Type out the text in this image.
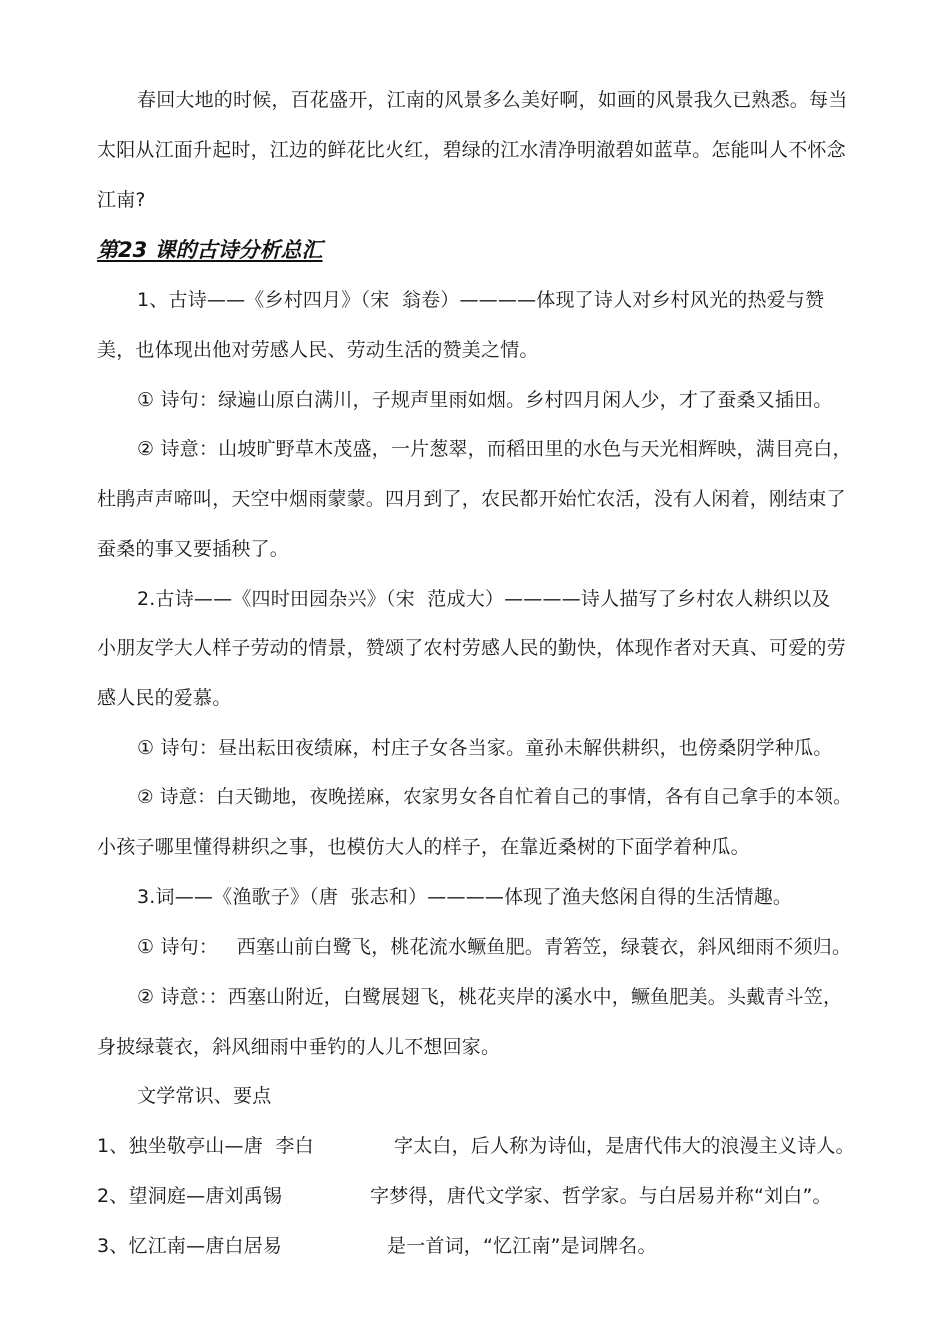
春回大地的时候，百花盛开，江南的风景多么美好啊，如画的风景我久已熟悉。每当
太阳从江面升起时，江边的鲜花比火红，碧绿的江水清净明澈碧如蓝草。怎能叫人不怀念
江南?
第23 课的古诗分析总汇
1、古诗——《乡村四月》（宋  翁卷）————体现了诗人对乡村风光的热爱与赞
美，也体现出他对劳感人民、劳动生活的赞美之情。
① 诗句：绿遍山原白满川，子规声里雨如烟。乡村四月闲人少，才了蚕桑又插田。
② 诗意：山坡旷野草木茂盛，一片葱翠，而稻田里的水色与天光相辉映，满目亮白，
杜鹃声声啼叫，天空中烟雨蒙蒙。四月到了，农民都开始忙农活，没有人闲着，刚结束了
蚕桑的事又要插秧了。
2.古诗——《四时田园杂兴》（宋  范成大）————诗人描写了乡村农人耕织以及
小朋友学大人样子劳动的情景，赞颂了农村劳感人民的勤快，体现作者对天真、可爱的劳
感人民的爱慕。
① 诗句：昼出耘田夜绩麻，村庄子女各当家。童孙未解供耕织，也傍桑阴学种瓜。
② 诗意：白天锄地，夜晚搓麻，农家男女各自忙着自己的事情，各有自己拿手的本领。
小孩子哪里懂得耕织之事，也模仿大人的样子，在靠近桑树的下面学着种瓜。
3.词——《渔歌子》（唐  张志和）————体现了渔夫悠闲自得的生活情趣。
① 诗句：   西塞山前白鹭飞，桃花流水鳜鱼肥。青箬笠，绿蓑衣，斜风细雨不须归。
② 诗意：：西塞山附近，白鹭展翅飞，桃花夹岸的溪水中，鳜鱼肥美。头戴青斗笠，
身披绿蓑衣，斜风细雨中垂钓的人儿不想回家。
文学常识、要点
1、独坐敬亭山—唐  李白	字太白，后人称为诗仙，是唐代伟大的浪漫主义诗人。
2、望洞庭—唐刘禹锡	字梦得，唐代文学家、哲学家。与白居易并称“刘白”。
3、忆江南—唐白居易	是一首词，“忆江南”是词牌名。
